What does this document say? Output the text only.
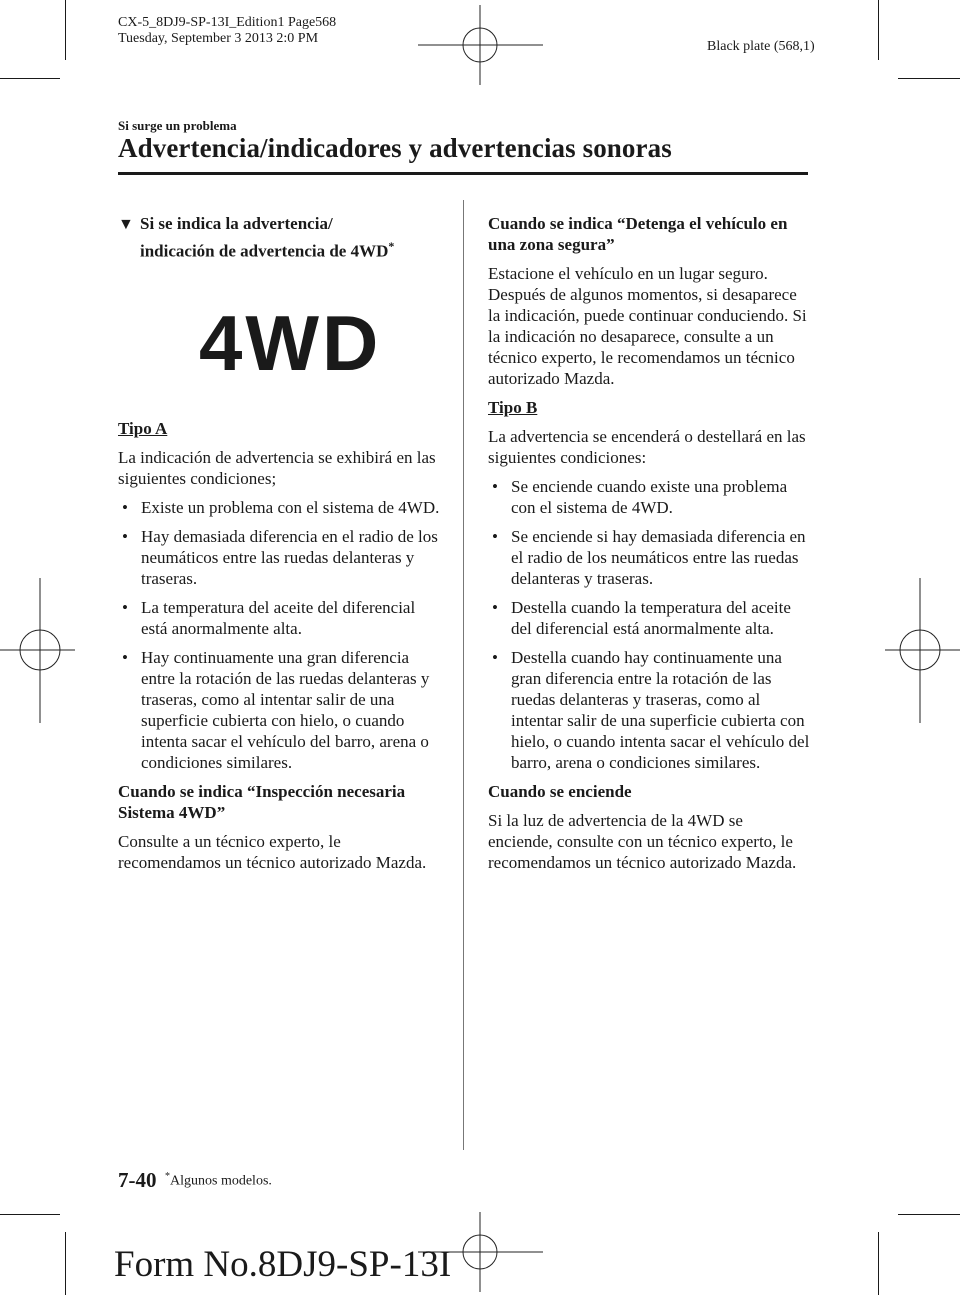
CX-5_8DJ9-SP-13I_Edition1 Page568
Tuesday, September 3 2013 2:0 PM
Black plate (568,1)
Si surge un problema
Advertencia/indicadores y advertencias sonoras
▼ Si se indica la advertencia/
indicación de advertencia de 4WD*
4WD

Tipo A

La indicación de advertencia se exhibirá en las siguientes condiciones;

• Existe un problema con el sistema de 4WD.
• Hay demasiada diferencia en el radio de los neumáticos entre las ruedas delanteras y traseras.
• La temperatura del aceite del diferencial está anormalmente alta.
• Hay continuamente una gran diferencia entre la rotación de las ruedas delanteras y traseras, como al intentar salir de una superficie cubierta con hielo, o cuando intenta sacar el vehículo del barro, arena o condiciones similares.

Cuando se indica “Inspección necesaria Sistema 4WD”

Consulte a un técnico experto, le recomendamos un técnico autorizado Mazda.

Cuando se indica “Detenga el vehículo en una zona segura”

Estacione el vehículo en un lugar seguro. Después de algunos momentos, si desaparece la indicación, puede continuar conduciendo. Si la indicación no desaparece, consulte a un técnico experto, le recomendamos un técnico autorizado Mazda.

Tipo B

La advertencia se encenderá o destellará en las siguientes condiciones:

• Se enciende cuando existe una problema con el sistema de 4WD.
• Se enciende si hay demasiada diferencia en el radio de los neumáticos entre las ruedas delanteras y traseras.
• Destella cuando la temperatura del aceite del diferencial está anormalmente alta.
• Destella cuando hay continuamente una gran diferencia entre la rotación de las ruedas delanteras y traseras, como al intentar salir de una superficie cubierta con hielo, o cuando intenta sacar el vehículo del barro, arena o condiciones similares.

Cuando se enciende

Si la luz de advertencia de la 4WD se enciende, consulte con un técnico experto, le recomendamos un técnico autorizado Mazda.

7-40 *Algunos modelos.
Form No.8DJ9-SP-13I
